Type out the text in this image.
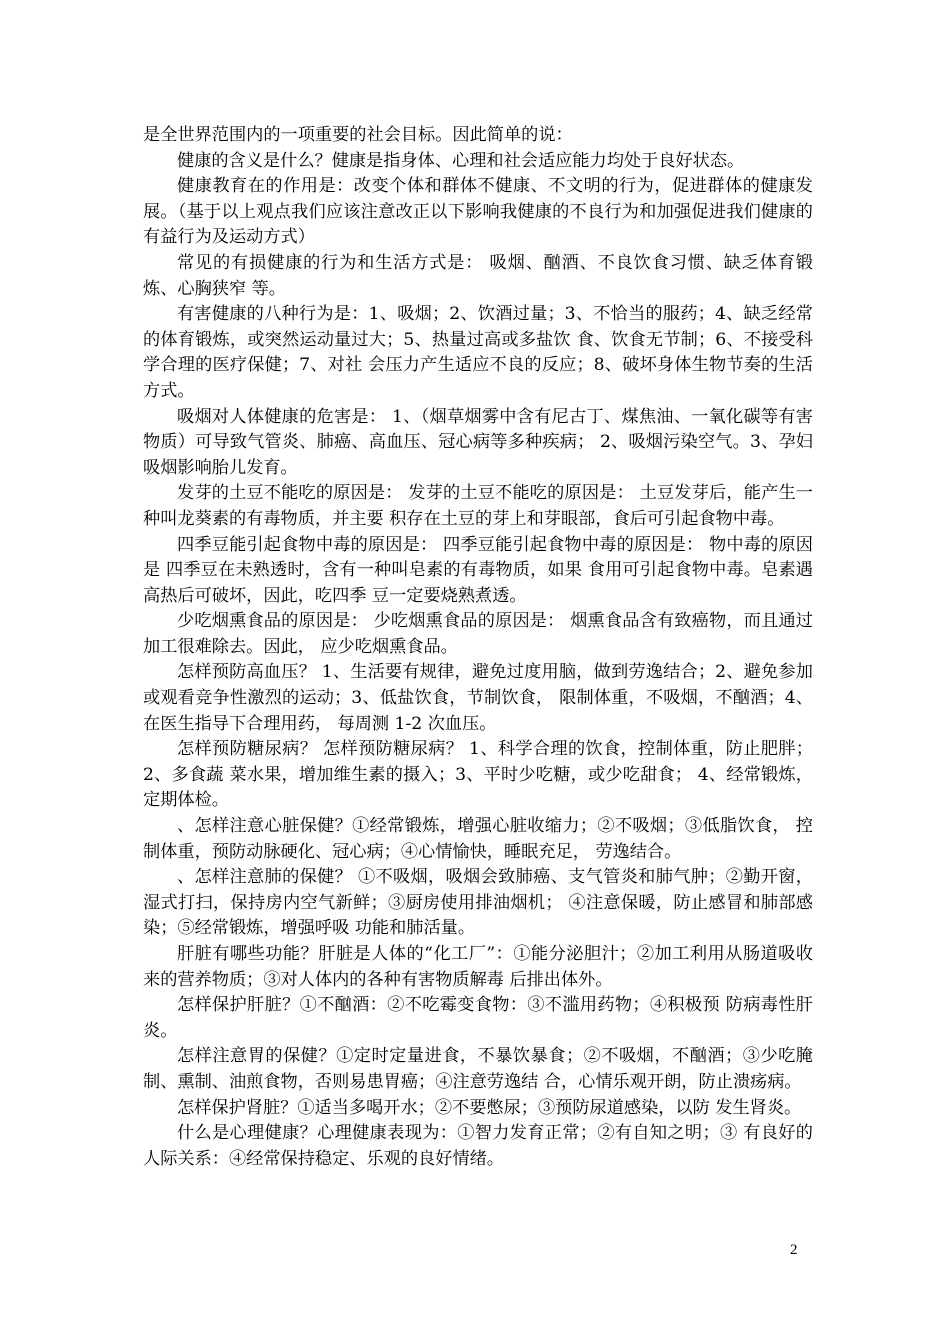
是全世界范围内的一项重要的社会目标。因此简单的说：

健康的含义是什么？健康是指身体、心理和社会适应能力均处于良好状态。

健康教育在的作用是：改变个体和群体不健康、不文明的行为，促进群体的健康发展。（基于以上观点我们应该注意改正以下影响我健康的不良行为和加强促进我们健康的有益行为及运动方式）

常见的有损健康的行为和生活方式是： 吸烟、酗酒、不良饮食习惯、缺乏体育锻炼、心胸狭窄 等。

有害健康的八种行为是：1、吸烟；2、饮酒过量；3、不恰当的服药；4、缺乏经常的体育锻炼，或突然运动量过大；5、热量过高或多盐饮 食、饮食无节制；6、不接受科学合理的医疗保健；7、对社 会压力产生适应不良的反应；8、破坏身体生物节奏的生活方式。

吸烟对人体健康的危害是： 1、（烟草烟雾中含有尼古丁、煤焦油、一氧化碳等有害 物质）可导致气管炎、肺癌、高血压、冠心病等多种疾病； 2、吸烟污染空气。3、孕妇吸烟影响胎儿发育。

发芽的土豆不能吃的原因是： 发芽的土豆不能吃的原因是： 土豆发芽后，能产生一种叫龙葵素的有毒物质，并主要 积存在土豆的芽上和芽眼部，食后可引起食物中毒。

四季豆能引起食物中毒的原因是： 四季豆能引起食物中毒的原因是： 物中毒的原因是 四季豆在未熟透时，含有一种叫皂素的有毒物质，如果 食用可引起食物中毒。皂素遇高热后可破坏，因此，吃四季 豆一定要烧熟煮透。

少吃烟熏食品的原因是： 少吃烟熏食品的原因是： 烟熏食品含有致癌物，而且通过加工很难除去。因此， 应少吃烟熏食品。

怎样预防高血压？ 1、生活要有规律，避免过度用脑，做到劳逸结合；2、避免参加或观看竞争性激烈的运动；3、低盐饮食，节制饮食， 限制体重，不吸烟，不酗酒；4、在医生指导下合理用药， 每周测 1-2 次血压。

怎样预防糖尿病？ 怎样预防糖尿病？ 1、科学合理的饮食，控制体重，防止肥胖；2、多食蔬 菜水果，增加维生素的摄入；3、平时少吃糖，或少吃甜食； 4、经常锻炼，定期体检。

、怎样注意心脏保健？①经常锻炼，增强心脏收缩力；②不吸烟；③低脂饮食， 控制体重，预防动脉硬化、冠心病；④心情愉快，睡眠充足， 劳逸结合。

、怎样注意肺的保健？ ①不吸烟，吸烟会致肺癌、支气管炎和肺气肿；②勤开窗，湿式打扫，保持房内空气新鲜；③厨房使用排油烟机； ④注意保暖，防止感冒和肺部感染；⑤经常锻炼，增强呼吸 功能和肺活量。

肝脏有哪些功能？肝脏是人体的“化工厂”：①能分泌胆汁；②加工利用从肠道吸收来的营养物质；③对人体内的各种有害物质解毒 后排出体外。

怎样保护肝脏？①不酗酒：②不吃霉变食物：③不滥用药物；④积极预 防病毒性肝炎。

怎样注意胃的保健？①定时定量进食，不暴饮暴食；②不吸烟，不酗酒；③少吃腌制、熏制、油煎食物，否则易患胃癌；④注意劳逸结 合，心情乐观开朗，防止溃疡病。

怎样保护肾脏？①适当多喝开水；②不要憋尿；③预防尿道感染，以防 发生肾炎。

什么是心理健康？心理健康表现为：①智力发育正常；②有自知之明；③ 有良好的人际关系：④经常保持稳定、乐观的良好情绪。

2
